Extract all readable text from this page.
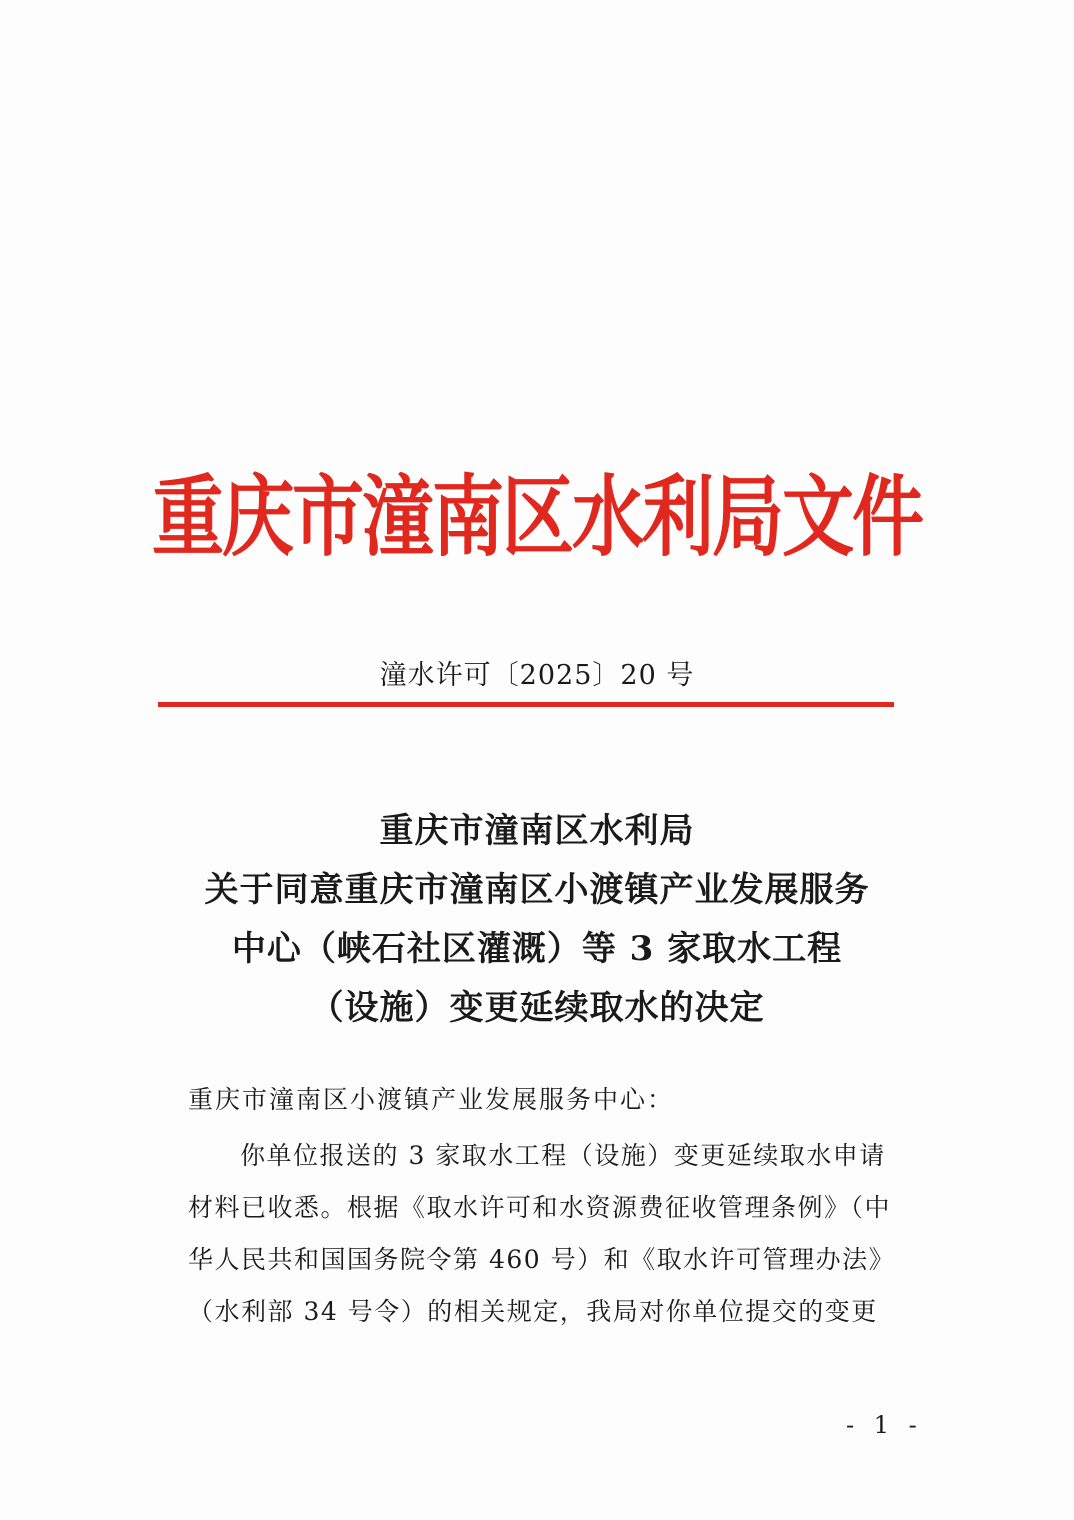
重庆市潼南区水利局文件
潼水许可〔2025〕20 号
重庆市潼南区水利局
关于同意重庆市潼南区小渡镇产业发展服务
中心（峡石社区灌溉）等 3 家取水工程
（设施）变更延续取水的决定
重庆市潼南区小渡镇产业发展服务中心：
你单位报送的 3 家取水工程（设施）变更延续取水申请
材料已收悉。根据《取水许可和水资源费征收管理条例》（中
华人民共和国国务院令第 460 号）和《取水许可管理办法》
（水利部 34 号令）的相关规定，我局对你单位提交的变更
- 1 -
